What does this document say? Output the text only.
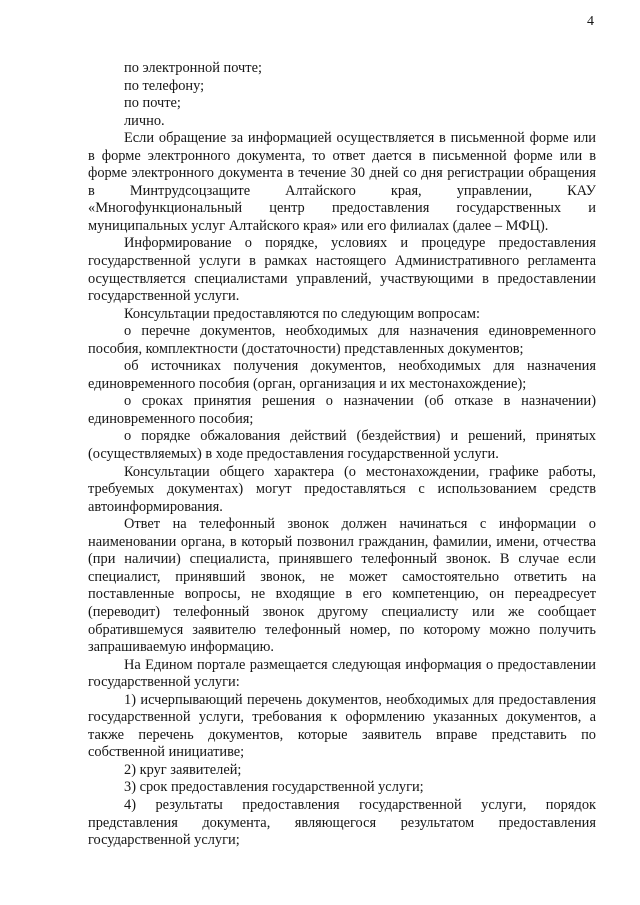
4

по электронной почте;

по телефону;

по почте;

лично.

Если обращение за информацией осуществляется в письменной форме или в форме электронного документа, то ответ дается в письменной форме или в форме электронного документа в течение 30 дней со дня регистрации обращения в Минтрудсоцзащите Алтайского края, управлении, КАУ «Многофункциональный центр предоставления государственных и муниципальных услуг Алтайского края» или его филиалах (далее – МФЦ).

Информирование о порядке, условиях и процедуре предоставления государственной услуги в рамках настоящего Административного регламента осуществляется специалистами управлений, участвующими в предоставлении государственной услуги.

Консультации предоставляются по следующим вопросам:

о перечне документов, необходимых для назначения единовременного пособия, комплектности (достаточности) представленных документов;

об источниках получения документов, необходимых для назначения единовременного пособия (орган, организация и их местонахождение);

о сроках принятия решения о назначении (об отказе в назначении) единовременного пособия;

о порядке обжалования действий (бездействия) и решений, принятых (осуществляемых) в ходе предоставления государственной услуги.

Консультации общего характера (о местонахождении, графике работы, требуемых документах) могут предоставляться с использованием средств автоинформирования.

Ответ на телефонный звонок должен начинаться с информации о наименовании органа, в который позвонил гражданин, фамилии, имени, отчества (при наличии) специалиста, принявшего телефонный звонок. В случае если специалист, принявший звонок, не может самостоятельно ответить на поставленные вопросы, не входящие в его компетенцию, он переадресует (переводит) телефонный звонок другому специалисту или же сообщает обратившемуся заявителю телефонный номер, по которому можно получить запрашиваемую информацию.

На Едином портале размещается следующая информация о предоставлении государственной услуги:

1) исчерпывающий перечень документов, необходимых для предоставления государственной услуги, требования к оформлению указанных документов, а также перечень документов, которые заявитель вправе представить по собственной инициативе;

2) круг заявителей;

3) срок предоставления государственной услуги;

4) результаты предоставления государственной услуги, порядок представления документа, являющегося результатом предоставления государственной услуги;
